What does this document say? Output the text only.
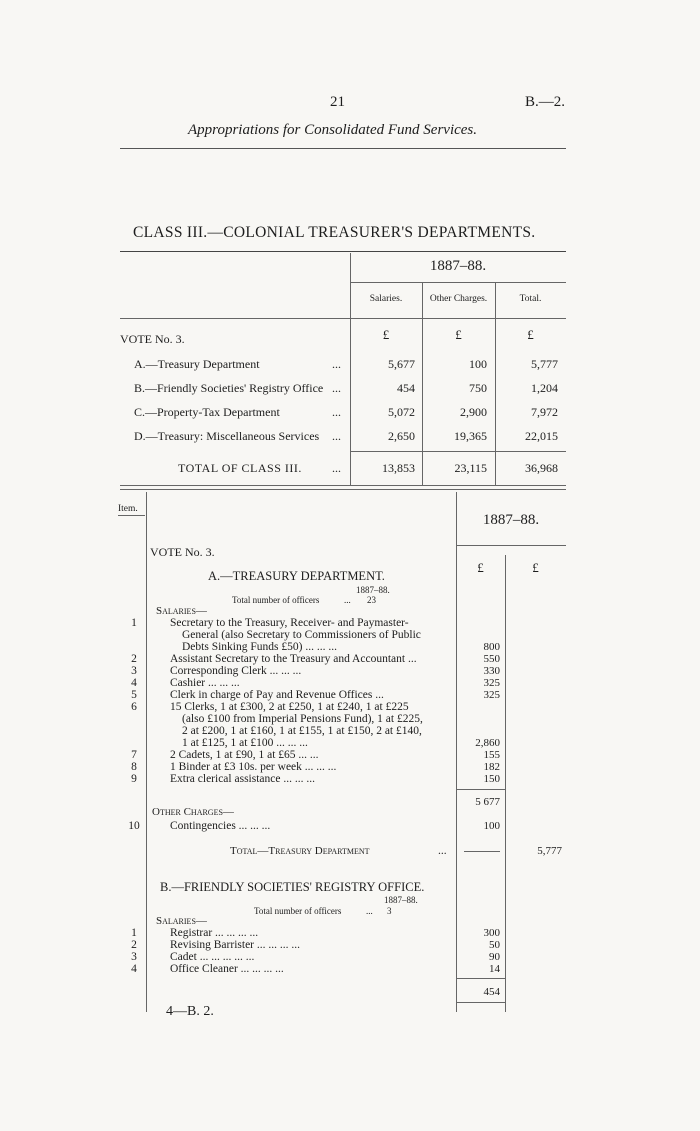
21	B.—2.
Appropriations for Consolidated Fund Services.
CLASS III.—COLONIAL TREASURER'S DEPARTMENTS.
1887–88.
Salaries.	Other Charges.	Total.
£	£	£
VOTE No. 3.
A.—Treasury Department	...	5,677	100	5,777
B.—Friendly Societies' Registry Office ...	454	750	1,204
C.—Property-Tax Department	...	5,072	2,900	7,972
D.—Treasury: Miscellaneous Services ...	2,650	19,365	22,015
TOTAL OF CLASS III.	...	13,853	23,115	36,968
Item.
1887–88.
£	£
VOTE No. 3.
A.—TREASURY DEPARTMENT.
1887–88.
Total number of officers	... 23
Salaries—
1	Secretary to the Treasury, Receiver- and Paymaster-
General (also Secretary to Commissioners of Public
Debts Sinking Funds £50) ... ... ...	800
2	Assistant Secretary to the Treasury and Accountant ...	550
3	Corresponding Clerk ... ... ...	330
4	Cashier ... ... ...	325
5	Clerk in charge of Pay and Revenue Offices ...	325
6	15 Clerks, 1 at £300, 2 at £250, 1 at £240, 1 at £225
(also £100 from Imperial Pensions Fund), 1 at £225,
2 at £200, 1 at £160, 1 at £155, 1 at £150, 2 at £140,
1 at £125, 1 at £100 ... ... ...	2,860
7	2 Cadets, 1 at £90, 1 at £65 ... ...	155
8	1 Binder at £3 10s. per week ... ... ...	182
9	Extra clerical assistance ... ... ...	150
5 677
Other Charges—
10	Contingencies ... ... ...	100
Total—Treasury Department	...	5,777
B.—FRIENDLY SOCIETIES' REGISTRY OFFICE.
1887–88.
Total number of officers	... 3
Salaries—
1	Registrar ... ... ... ...	300
2	Revising Barrister ... ... ... ...	50
3	Cadet ... ... ... ... ...	90
4	Office Cleaner ... ... ... ...	14
454
4—B. 2.
